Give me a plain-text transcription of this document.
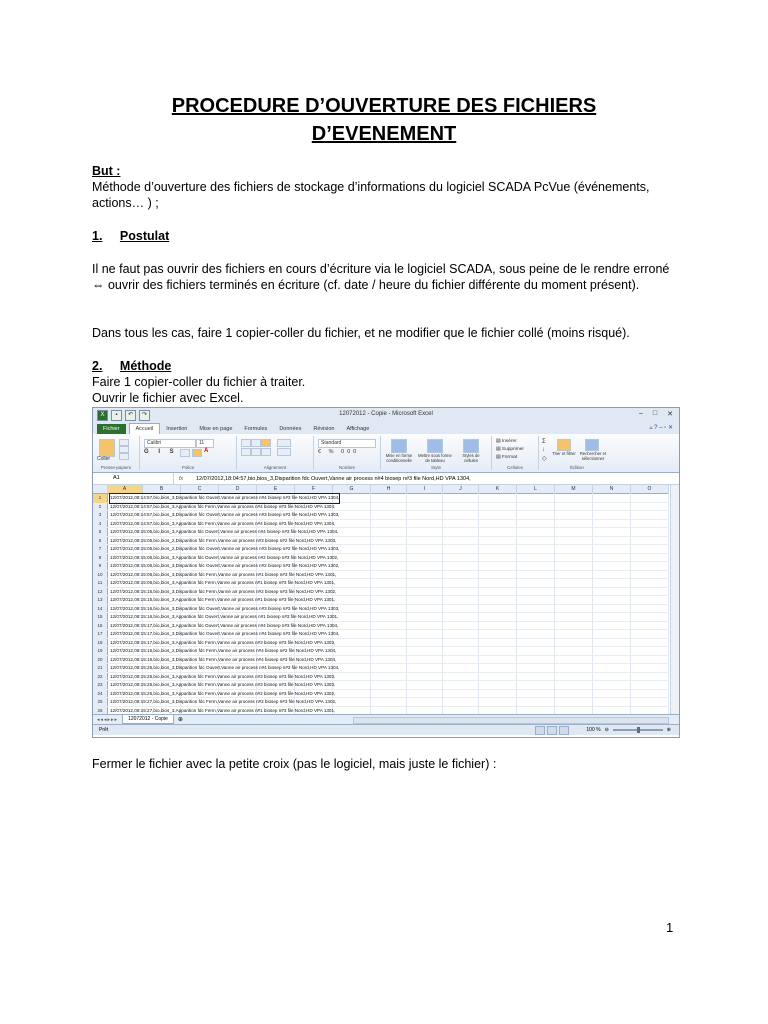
PROCEDURE D’OUVERTURE DES FICHIERS
D’EVENEMENT
But :
Méthode d’ouverture des fichiers de stockage d’informations du logiciel SCADA PcVue (événements, actions… ) ;
1. Postulat
Il ne faut pas ouvrir des fichiers en cours d’écriture via le logiciel SCADA, sous peine de le rendre erroné ⇔ ouvrir des fichiers terminés en écriture (cf. date / heure du fichier différente du moment présent).
Dans tous les cas, faire 1 copier-coller du fichier, et ne modifier que le fichier collé (moins risqué).
2. Méthode
Faire 1 copier-coller du fichier à traiter.
Ouvrir le fichier avec Excel.
X	▪	↶	↷	12072012 - Copie - Microsoft Excel	– □ ✕
Fichier	Accueil	Insertion	Mise en page	Formules	Données	Révision	Affichage	▵ ? – ▫ ✕
Coller
Presse-papiers
Calibri	11
G I S	A
Police	Alignement
Standard
€ % 000
Nombre
Mise en forme conditionnelle
Mettre sous forme de tableau
Styles de cellules
Style
▤ Insérer
▤ Supprimer
▤ Format
Cellules
Σ
↓
◇
Trier et filtrer Rechercher et sélectionner
Édition
A1	fx	12/07/2012,18:04:57,bio,bios_3,Disparition fdc Ouvert,Vanne air process n#4 biosep n#3 file Nord,HD VPA 1304,
A	B	C	D	E	F	G	H	I	J	K	L	M	N	O
1	12/07/2012,08:14:57,bio,bios_3,Disparition fdc Ouvert,Vanne air process n#4 biosep n#3 file Nord,HD VPA 1304,
2	12/07/2012,08:14:57,bio,bios_3,Apparition fdc Ferm,Vanne air process n#4 biosep n#3 file Nord,HD VPA 1304,
3	12/07/2012,08:14:57,bio,bios_3,Disparition fdc Ouvert,Vanne air process n#3 biosep n#3 file Nord,HD VPA 1303,
4	12/07/2012,08:14:57,bio,bios_3,Apparition fdc Ferm,Vanne air process n#4 biosep n#3 file Nord,HD VPA 1304,
5	12/07/2012,08:15:05,bio,bios_3,Apparition fdc Ouvert,Vanne air process n#4 biosep n#3 file Nord,HD VPA 1304,
6	12/07/2012,08:15:05,bio,bios_2,Disparition fdc Ferm,Vanne air process n#3 biosep n#2 file Nord,HD VPA 1303,
7	12/07/2012,08:15:05,bio,bios_2,Disparition fdc Ouvert,Vanne air process n#3 biosep n#2 file Nord,HD VPA 1303,
8	12/07/2012,08:15:06,bio,bios_3,Apparition fdc Ouvert,Vanne air process n#2 biosep n#3 file Nord,HD VPA 1302,
9	12/07/2012,08:15:06,bio,bios_3,Disparition fdc Ouvert,Vanne air process n#2 biosep n#3 file Nord,HD VPA 1302,
10	12/07/2012,08:15:06,bio,bios_3,Disparition fdc Ferm,Vanne air process n#1 biosep n#3 file Nord,HD VPA 1301,
11	12/07/2012,08:15:06,bio,bios_3,Apparition fdc Ferm,Vanne air process n#1 biosep n#3 file Nord,HD VPA 1301,
12	12/07/2012,08:15:15,bio,bios_3,Disparition fdc Ferm,Vanne air process n#2 biosep n#3 file Nord,HD VPA 1302,
13	12/07/2012,08:15:15,bio,bios_3,Apparition fdc Ferm,Vanne air process n#1 biosep n#3 file Nord,HD VPA 1301,
14	12/07/2012,08:15:16,bio,bios_3,Disparition fdc Ouvert,Vanne air process n#3 biosep n#3 file Nord,HD VPA 1303,
15	12/07/2012,08:15:16,bio,bios_3,Apparition fdc Ouvert,Vanne air process n#1 biosep n#3 file Nord,HD VPA 1301,
16	12/07/2012,08:15:17,bio,bios_3,Apparition fdc Ouvert,Vanne air process n#4 biosep n#3 file Nord,HD VPA 1304,
17	12/07/2012,08:15:17,bio,bios_3,Disparition fdc Ouvert,Vanne air process n#4 biosep n#3 file Nord,HD VPA 1304,
18	12/07/2012,08:15:17,bio,bios_3,Apparition fdc Ferm,Vanne air process n#3 biosep n#3 file Nord,HD VPA 1303,
19	12/07/2012,08:15:16,bio,bios_2,Disparition fdc Ferm,Vanne air process n#4 biosep n#2 file Nord,HD VPA 1304,
20	12/07/2012,08:15:16,bio,bios_3,Disparition fdc Ferm,Vanne air process n#4 biosep n#3 file Nord,HD VPA 1304,
21	12/07/2012,08:15:26,bio,bios_3,Disparition fdc Ouvert,Vanne air process n#4 biosep n#3 file Nord,HD VPA 1304,
22	12/07/2012,08:15:26,bio,bios_3,Apparition fdc Ferm,Vanne air process n#3 biosep n#3 file Nord,HD VPA 1303,
23	12/07/2012,08:15:26,bio,bios_3,Apparition fdc Ferm,Vanne air process n#3 biosep n#3 file Nord,HD VPA 1303,
24	12/07/2012,08:15:26,bio,bios_3,Apparition fdc Ferm,Vanne air process n#2 biosep n#3 file Nord,HD VPA 1302,
25	12/07/2012,08:15:27,bio,bios_3,Disparition fdc Ferm,Vanne air process n#2 biosep n#3 file Nord,HD VPA 1302,
26	12/07/2012,08:15:27,bio,bios_3,Apparition fdc Ferm,Vanne air process n#1 biosep n#3 file Nord,HD VPA 1301,
◂◂◂▸▸▸	12072012 - Copie	⊕
Prêt	100 % ⊖	⊕
Fermer le fichier avec la petite croix (pas le logiciel, mais juste le fichier) :
1
